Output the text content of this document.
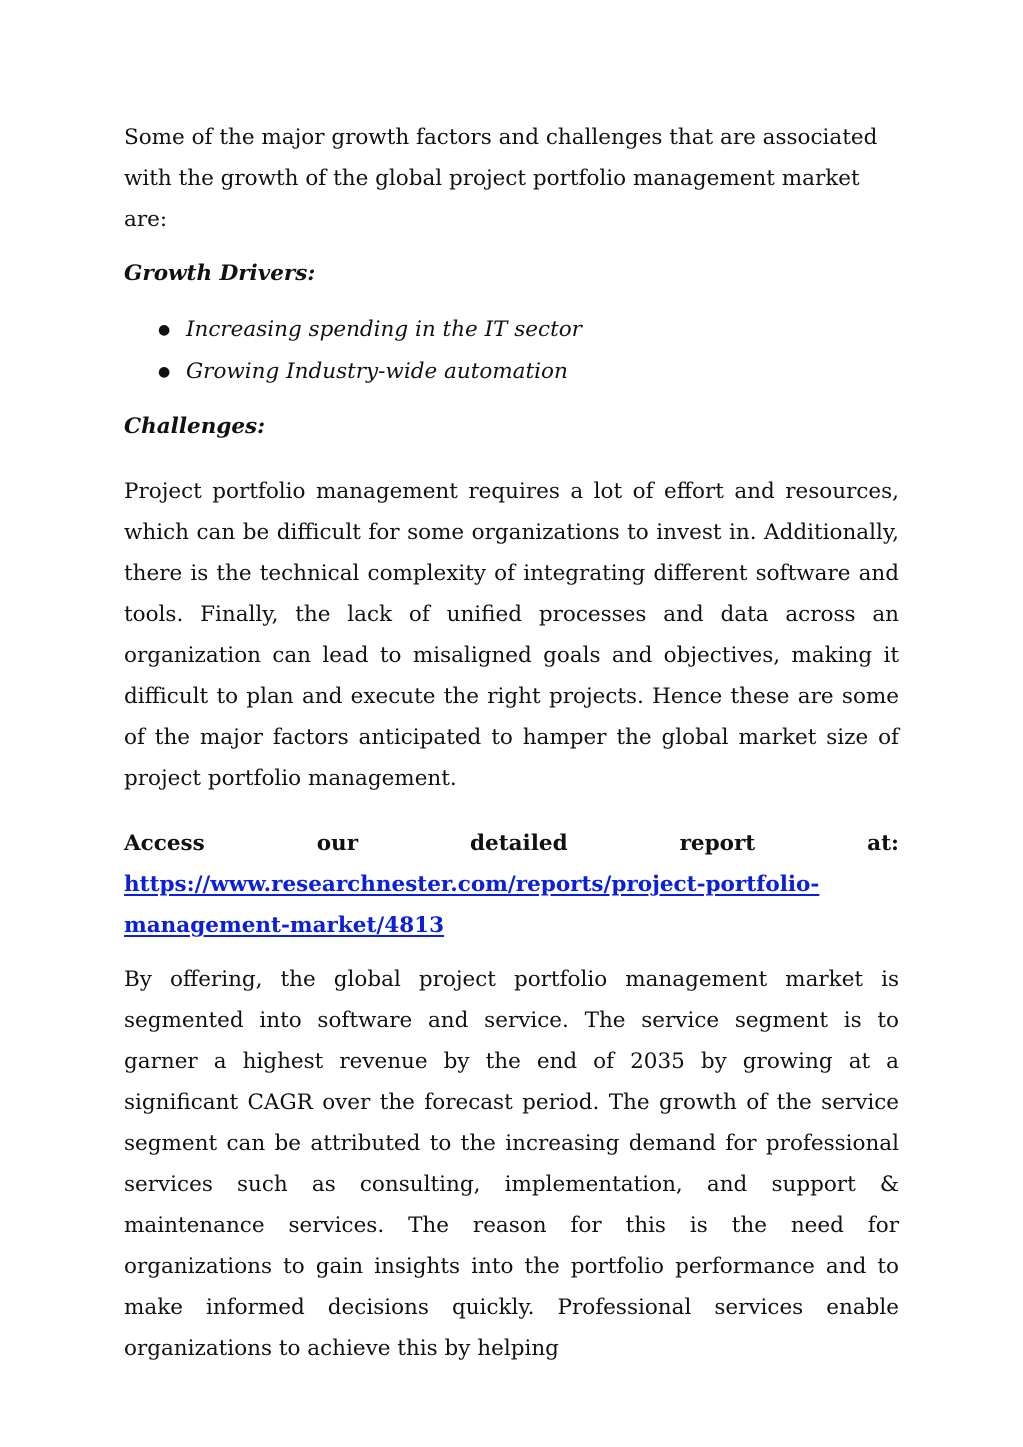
Some of the major growth factors and challenges that are associated with the growth of the global project portfolio management market are:

Growth Drivers:

● Increasing spending in the IT sector
● Growing Industry-wide automation

Challenges:

Project portfolio management requires a lot of effort and resources, which can be difficult for some organizations to invest in. Additionally, there is the technical complexity of integrating different software and tools. Finally, the lack of unified processes and data across an organization can lead to misaligned goals and objectives, making it difficult to plan and execute the right projects. Hence these are some of the major factors anticipated to hamper the global market size of project portfolio management.

Access	our	detailed	report	at:
https://www.researchnester.com/reports/project-portfolio-
management-market/4813

By offering, the global project portfolio management market is segmented into software and service. The service segment is to garner a highest revenue by the end of 2035 by growing at a significant CAGR over the forecast period. The growth of the service segment can be attributed to the increasing demand for professional services such as consulting, implementation, and support & maintenance services. The reason for this is the need for organizations to gain insights into the portfolio performance and to make informed decisions quickly. Professional services enable organizations to achieve this by helping
